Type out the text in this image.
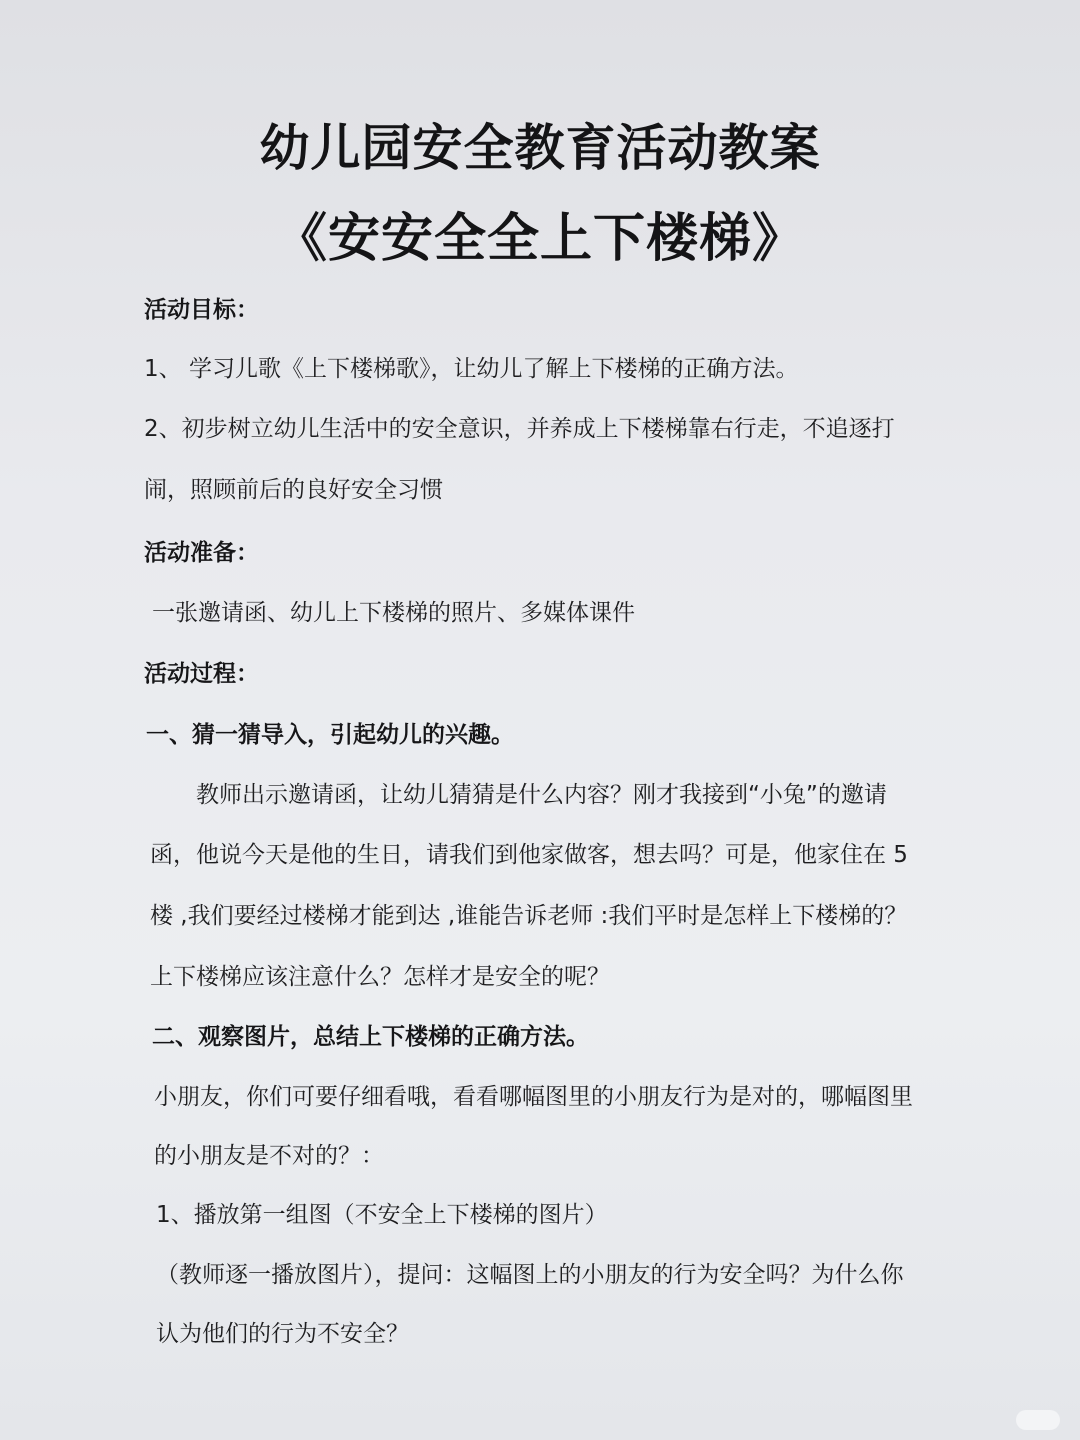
幼儿园安全教育活动教案
《安安全全上下楼梯》
活动目标：
1、 学习儿歌《上下楼梯歌》，让幼儿了解上下楼梯的正确方法。
2、初步树立幼儿生活中的安全意识，并养成上下楼梯靠右行走，不追逐打
闹，照顾前后的良好安全习惯
活动准备：
一张邀请函、幼儿上下楼梯的照片、多媒体课件
活动过程：
一、猜一猜导入，引起幼儿的兴趣。
教师出示邀请函，让幼儿猜猜是什么内容？刚才我接到“小兔”的邀请
函，他说今天是他的生日，请我们到他家做客，想去吗？可是，他家住在 5
楼 ,我们要经过楼梯才能到达 ,谁能告诉老师 :我们平时是怎样上下楼梯的？
上下楼梯应该注意什么？怎样才是安全的呢？
二、观察图片，总结上下楼梯的正确方法。
小朋友，你们可要仔细看哦，看看哪幅图里的小朋友行为是对的，哪幅图里
的小朋友是不对的？：
1、播放第一组图（不安全上下楼梯的图片）
（教师逐一播放图片），提问：这幅图上的小朋友的行为安全吗？为什么你
认为他们的行为不安全？
